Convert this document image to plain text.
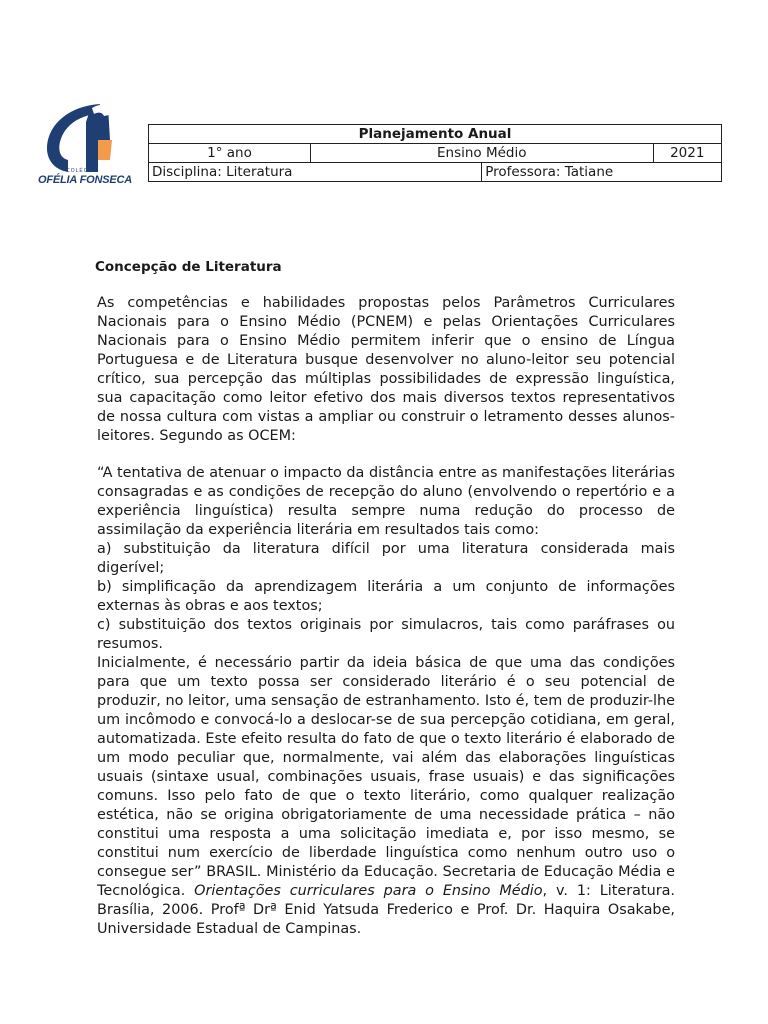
COLÉGIO
OFÉLIA FONSECA
Planejamento Anual			
1° ano	Ensino Médio		2021
Disciplina: Literatura		Professora: Tatiane	
Concepção de Literatura

As competências e habilidades propostas pelos Parâmetros Curriculares Nacionais para o Ensino Médio (PCNEM) e pelas Orientações Curriculares Nacionais para o Ensino Médio permitem inferir que o ensino de Língua Portuguesa e de Literatura busque desenvolver no aluno-leitor seu potencial crítico, sua percepção das múltiplas possibilidades de expressão linguística, sua capacitação como leitor efetivo dos mais diversos textos representativos de nossa cultura com vistas a ampliar ou construir o letramento desses alunos-leitores. Segundo as OCEM:

“A tentativa de atenuar o impacto da distância entre as manifestações literárias consagradas e as condições de recepção do aluno (envolvendo o repertório e a experiência linguística) resulta sempre numa redução do processo de assimilação da experiência literária em resultados tais como:
a) substituição da literatura difícil por uma literatura considerada mais digerível;
b) simplificação da aprendizagem literária a um conjunto de informações externas às obras e aos textos;
c) substituição dos textos originais por simulacros, tais como paráfrases ou resumos.
Inicialmente, é necessário partir da ideia básica de que uma das condições para que um texto possa ser considerado literário é o seu potencial de produzir, no leitor, uma sensação de estranhamento. Isto é, tem de produzir-lhe um incômodo e convocá-lo a deslocar-se de sua percepção cotidiana, em geral, automatizada. Este efeito resulta do fato de que o texto literário é elaborado de um modo peculiar que, normalmente, vai além das elaborações linguísticas usuais (sintaxe usual, combinações usuais, frase usuais) e das significações comuns. Isso pelo fato de que o texto literário, como qualquer realização estética, não se origina obrigatoriamente de uma necessidade prática – não constitui uma resposta a uma solicitação imediata e, por isso mesmo, se constitui num exercício de liberdade linguística como nenhum outro uso o consegue ser” BRASIL. Ministério da Educação. Secretaria de Educação Média e Tecnológica. Orientações curriculares para o Ensino Médio, v. 1: Literatura. Brasília, 2006. Profª Drª Enid Yatsuda Frederico e Prof. Dr. Haquira Osakabe, Universidade Estadual de Campinas.
